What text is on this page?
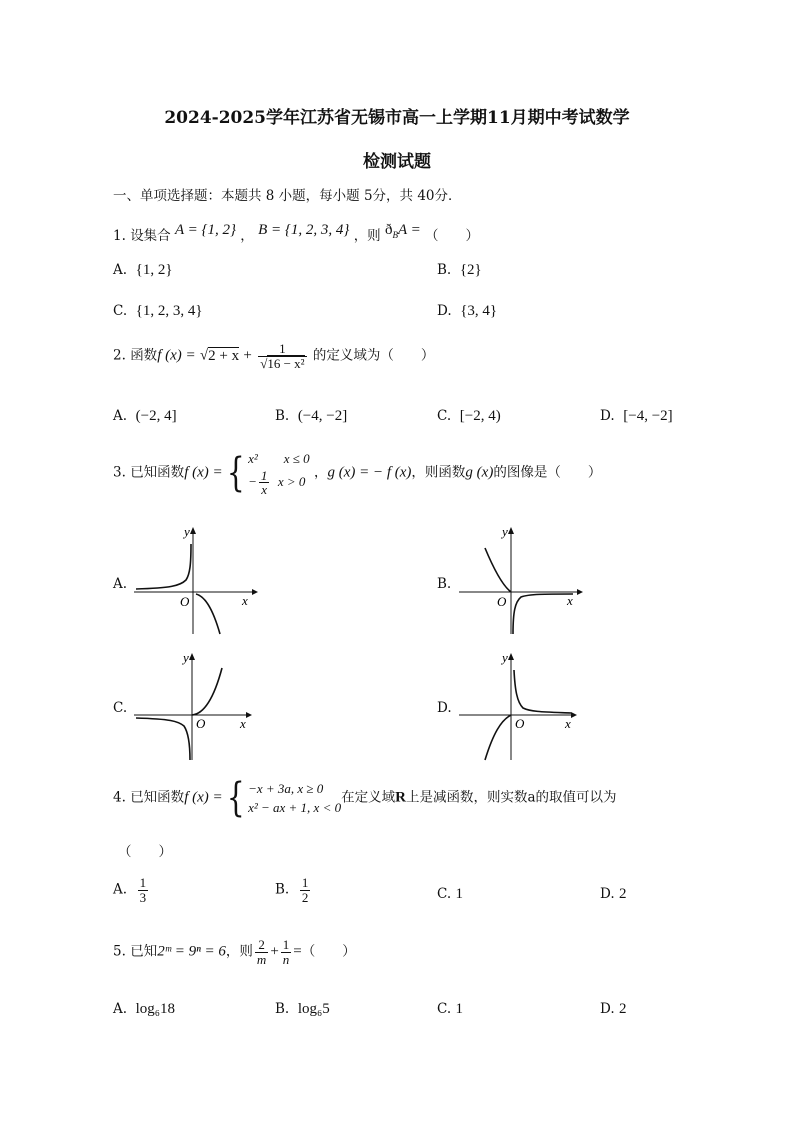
2024-2025学年江苏省无锡市高一上学期11月期中考试数学
检测试题
一、单项选择题：本题共 8 小题，每小题 5分，共 40分．
1. 设集合 A = {1, 2} ， B = {1, 2, 3, 4} ，则 $ð_BA$ = （　　）
A. {1, 2}	B. {2}
C. {1, 2, 3, 4}	D. {3, 4}
2. 函数f $(x) = √2 + x + \frac{1}{\text{√16 − x²}}$ 的定义域为（　　）
A. (−2, 4]	B. (−4, −2]	C. [−2, 4)	D. [−4, −2]
3. 已知函数f (x) ={ x²　　x ≤ 0
− $\frac{1}{x}$ x > 0
，g (x) = − f (x)，则函数g (x)的图像是（　　）
A.
y
x
O
B.
y
x
O
C.
y
x
O
D.
y
x
O
4. 已知函数f (x) ={ −x + 3a, x ≥ 0
x² − ax + 1, x < 0
在定义域R上是减函数，则实数a的取值可以为
（　　）
A. $\frac{1}{3}$	B. $\frac{1}{2}$	C. 1	D. 2
5. 已知2ᵐ = 9ⁿ = 6，则 $\frac{2}{m} + \frac{1}{n}$ =（　　）
A. log₆18	B. log₆5	C. 1	D. 2
